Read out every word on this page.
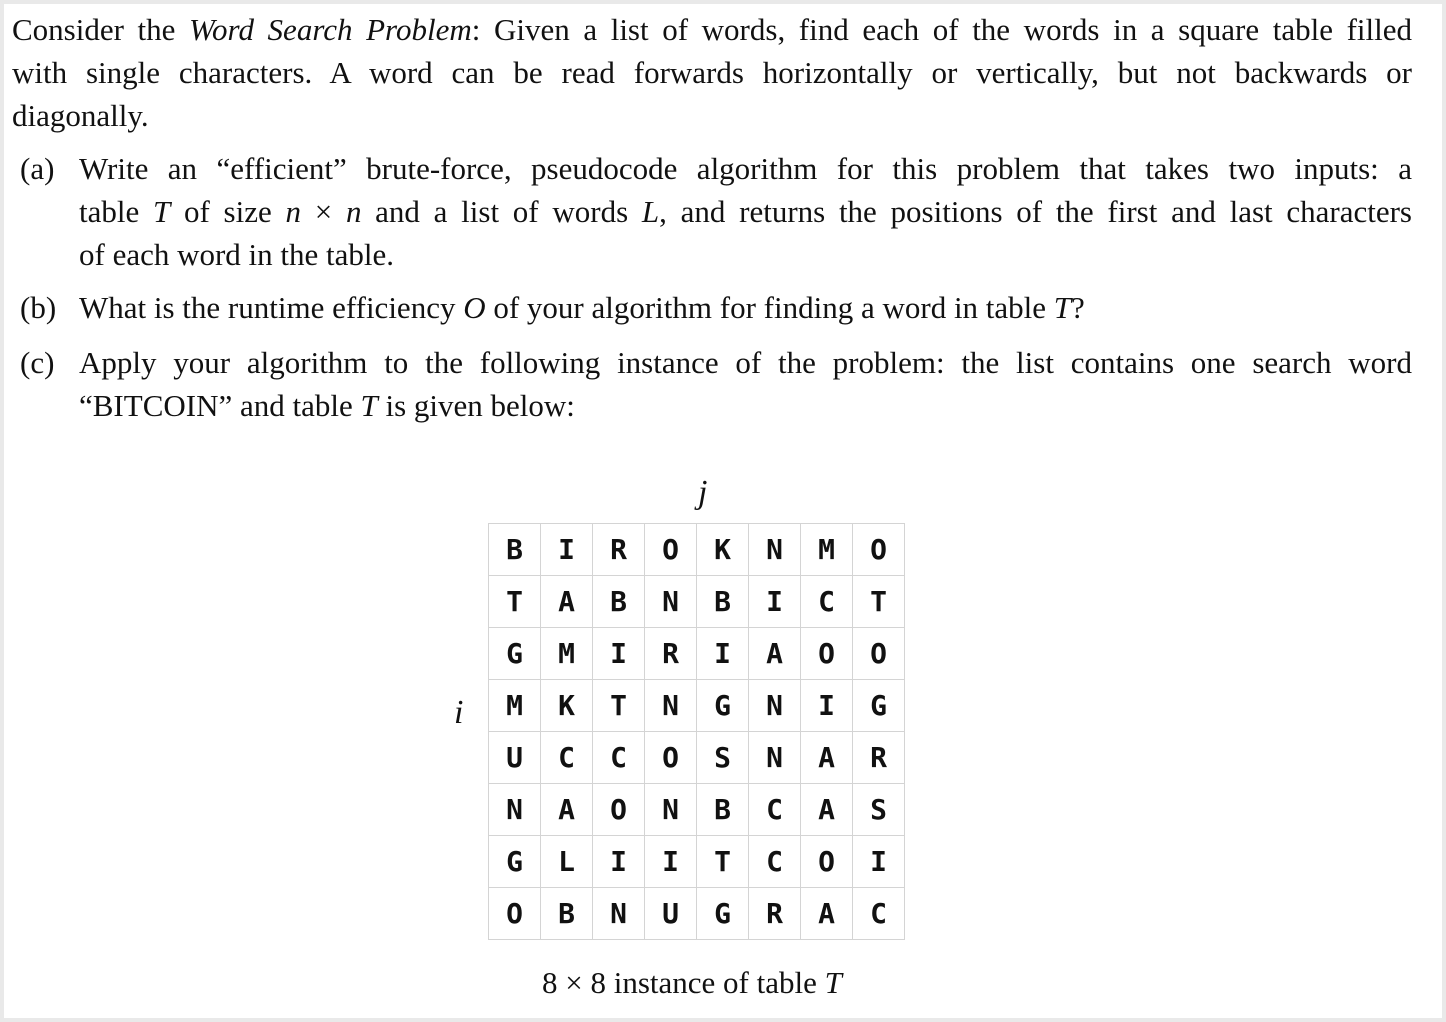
Consider the Word Search Problem: Given a list of words, find each of the words in a square table filled
with single characters. A word can be read forwards horizontally or vertically, but not backwards or
diagonally.
(a) Write an “efficient” brute-force, pseudocode algorithm for this problem that takes two inputs: a
table T of size n × n and a list of words L, and returns the positions of the first and last characters
of each word in the table.
(b) What is the runtime efficiency O of your algorithm for finding a word in table T?
(c) Apply your algorithm to the following instance of the problem: the list contains one search word
“BITCOIN” and table T is given below:
j
i
B	I	R	O	K	N	M	O
T	A	B	N	B	I	C	T
G	M	I	R	I	A	O	O
M	K	T	N	G	N	I	G
U	C	C	O	S	N	A	R
N	A	O	N	B	C	A	S
G	L	I	I	T	C	O	I
O	B	N	U	G	R	A	C
8 × 8 instance of table T
